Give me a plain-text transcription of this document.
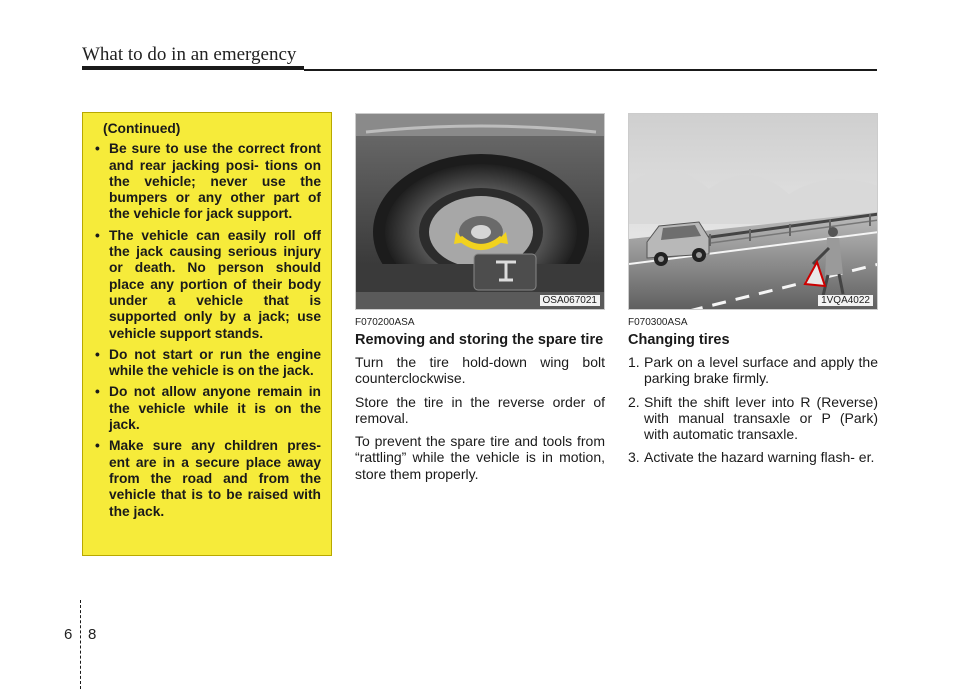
What to do in an emergency
(Continued)
• Be sure to use the correct front and rear jacking posi- tions on the vehicle; never use the bumpers or any other part of the vehicle for jack support.
• The vehicle can easily roll off the jack causing serious injury or death. No person should place any portion of their body under a vehicle that is supported only by a jack; use vehicle support stands.
• Do not start or run the engine while the vehicle is on the jack.
• Do not allow anyone remain in the vehicle while it is on the jack.
• Make sure any children pres- ent are in a secure place away from the road and from the vehicle that is to be raised with the jack.
OSA067021	1VQA4022
F070200ASA
Removing and storing the spare tire

Turn the tire hold-down wing bolt counterclockwise.

Store the tire in the reverse order of removal.

To prevent the spare tire and tools from “rattling” while the vehicle is in motion, store them properly.

F070300ASA
Changing tires
1. Park on a level surface and apply the parking brake firmly.
2. Shift the shift lever into R (Reverse) with manual transaxle or P (Park) with automatic transaxle.
3. Activate the hazard warning flash- er.
6 8
